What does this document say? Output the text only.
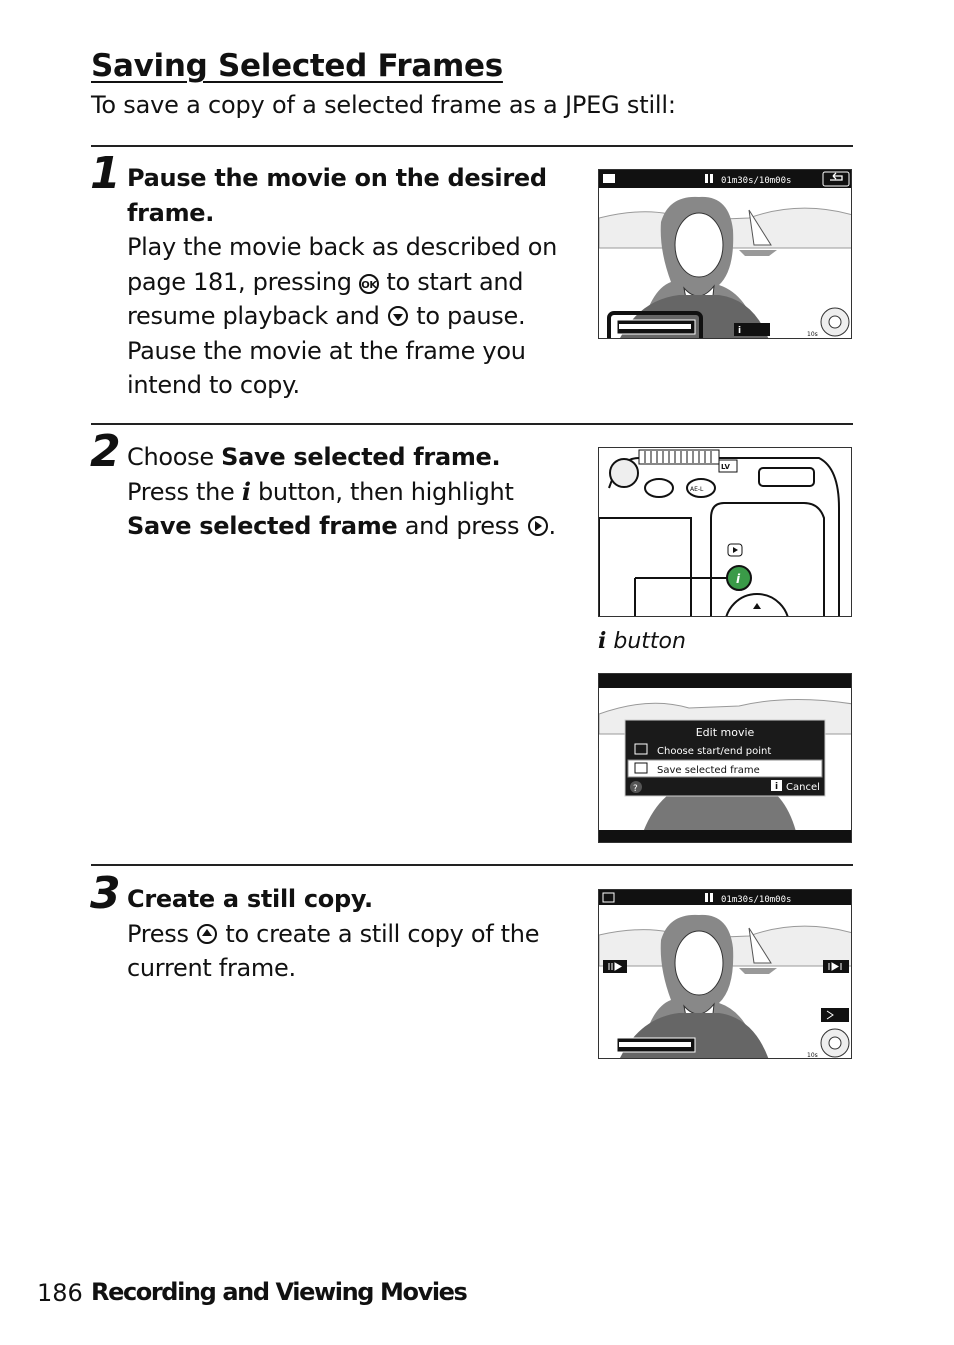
Saving Selected Frames
To save a copy of a selected frame as a JPEG still:
1 Pause the movie on the desired frame.
Play the movie back as described on page 181, pressing OK to start and resume playback and to pause. Pause the movie at the frame you intend to copy.
01m30s/10m00s
i	10s
2 Choose Save selected frame.
Press the i button, then highlight Save selected frame and press .
LV
AE-L
i
i button
Edit movie
Choose start/end point
Save selected frame
?	i Cancel
3 Create a still copy.
Press to create a still copy of the current frame.
01m30s/10m00s
10s
186 Recording and Viewing Movies
